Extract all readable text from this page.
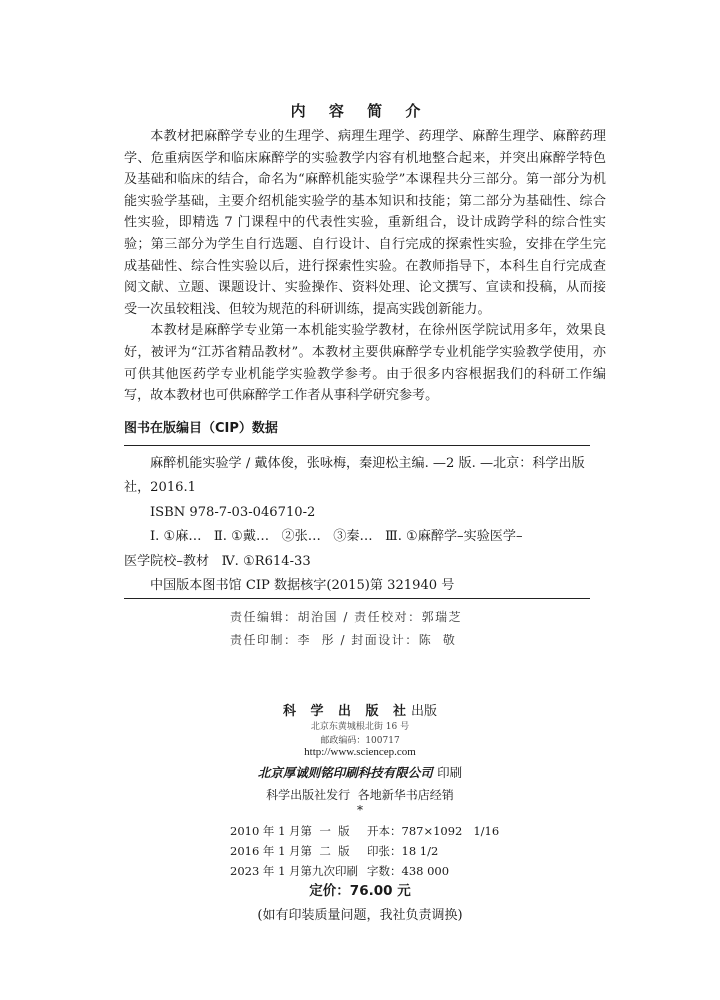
内 容 简 介

本教材把麻醉学专业的生理学、病理生理学、药理学、麻醉生理学、麻醉药理学、危重病医学和临床麻醉学的实验教学内容有机地整合起来，并突出麻醉学特色及基础和临床的结合，命名为“麻醉机能实验学”本课程共分三部分。第一部分为机能实验学基础，主要介绍机能实验学的基本知识和技能；第二部分为基础性、综合性实验，即精选 7 门课程中的代表性实验，重新组合，设计成跨学科的综合性实验；第三部分为学生自行选题、自行设计、自行完成的探索性实验，安排在学生完成基础性、综合性实验以后，进行探索性实验。在教师指导下，本科生自行完成查阅文献、立题、课题设计、实验操作、资料处理、论文撰写、宣读和投稿，从而接受一次虽较粗浅、但较为规范的科研训练，提高实践创新能力。

本教材是麻醉学专业第一本机能实验学教材，在徐州医学院试用多年，效果良好，被评为“江苏省精品教材”。本教材主要供麻醉学专业机能学实验教学使用，亦可供其他医药学专业机能学实验教学参考。由于很多内容根据我们的科研工作编写，故本教材也可供麻醉学工作者从事科学研究参考。

图书在版编目（CIP）数据
麻醉机能实验学 / 戴体俊，张咏梅，秦迎松主编. —2 版. —北京：科学出版社，2016.1
ISBN 978-7-03-046710-2
Ⅰ. ①麻…   Ⅱ. ①戴…   ②张…   ③秦…   Ⅲ. ①麻醉学–实验医学–
医学院校–教材   Ⅳ. ①R614-33
中国版本图书馆 CIP 数据核字(2015)第 321940 号
责任编辑：胡治国 / 责任校对：郭瑞芝
责任印制：李  彤 / 封面设计：陈  敬
科 学 出 版 社出版
北京东黄城根北街 16 号
邮政编码：100717
http://www.sciencep.com
北京厚诚则铭印刷科技有限公司 印刷
科学出版社发行  各地新华书店经销
*
2010 年 1 月第  一  版	开本：787×1092   1/16
2016 年 1 月第  二  版	印张：18 1/2
2023 年 1 月第九次印刷 字数：438 000
定价：76.00 元
(如有印装质量问题，我社负责调换)
